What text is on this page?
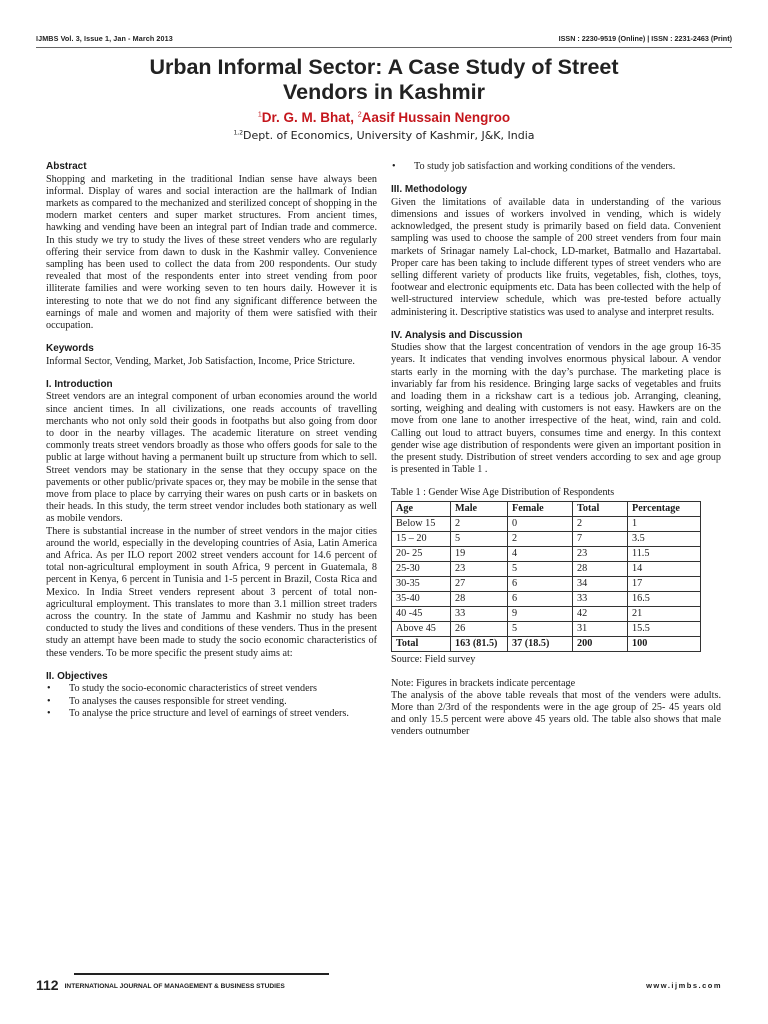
IJMBS Vol. 3, Issue 1, Jan - March 2013	ISSN : 2230-9519 (Online) | ISSN : 2231-2463 (Print)
Urban Informal Sector: A Case Study of Street
Vendors in Kashmir
$^1$Dr. G. M. Bhat, $^2$Aasif Hussain Nengroo
$^{1,2}$Dept. of Economics, University of Kashmir, J&K, India

Abstract

Shopping and marketing in the traditional Indian sense have always been informal. Display of wares and social interaction are the hallmark of Indian markets as compared to the mechanized and sterilized concept of shopping in the modern market centers and super market structures. From ancient times, hawking and vending have been an integral part of Indian trade and commerce. In this study we try to study the lives of these street venders who are regularly offering their service from dawn to dusk in the Kashmir valley. Convenience sampling has been used to collect the data from 200 respondents. Our study revealed that most of the respondents enter into street vending from poor illiterate families and were working seven to ten hours daily. However it is interesting to note that we do not find any significant difference between the earnings of male and women and majority of them were satisfied with their occupation.

Keywords

Informal Sector, Vending, Market, Job Satisfaction, Income, Price Stricture.

I. Introduction

Street vendors are an integral component of urban economies around the world since ancient times. In all civilizations, one reads accounts of travelling merchants who not only sold their goods in footpaths but also going from door to door in the nearby villages. The academic literature on street vending commonly treats street vendors broadly as those who offers goods for sale to the public at large without having a permanent built up structure from which to sell. Street vendors may be stationary in the sense that they occupy space on the pavements or other public/private spaces or, they may be mobile in the sense that move from place to place by carrying their wares on push carts or in baskets on their heads. In this study, the term street vendor includes both stationary as well as mobile vendors.

There is substantial increase in the number of street vendors in the major cities around the world, especially in the developing countries of Asia, Latin America and Africa. As per ILO report 2002 street venders account for 14.6 percent of total non-agricultural employment in south Africa, 9 percent in Guatemala, 8 percent in Kenya, 6 percent in Tunisia and 1-5 percent in Brazil, Costa Rica and Mexico. In India Street venders represent about 3 percent of total non-agricultural employment. This translates to more than 3.1 million street traders across the country. In the state of Jammu and Kashmir no study has been conducted to study the lives and conditions of these venders. Thus in the present study an attempt have been made to study the socio economic characteristics of these venders. To be more specific the present study aims at:

II. Objectives

• To study the socio-economic characteristics of street venders
• To analyses the causes responsible for street vending.
• To analyse the price structure and level of earnings of street venders.
• To study job satisfaction and working conditions of the venders.

III. Methodology

Given the limitations of available data in understanding of the various dimensions and issues of workers involved in vending, which is widely acknowledged, the present study is primarily based on field data. Convenient sampling was used to choose the sample of 200 street venders from four main markets of Srinagar namely Lal-chock, LD-market, Batmallo and Hazartabal. Proper care has been taking to include different types of street venders who are selling different variety of products like fruits, vegetables, fish, clothes, toys, footwear and electronic equipments etc. Data has been collected with the help of well-structured interview schedule, which was pre-tested before actually administering it. Descriptive statistics was used to analyse and interpret results.

IV. Analysis and Discussion

Studies show that the largest concentration of vendors in the age group 16-35 years. It indicates that vending involves enormous physical labour. A vendor starts early in the morning with the day’s purchase. The marketing place is invariably far from his residence. Bringing large sacks of vegetables and fruits and loading them in a rickshaw cart is a tedious job. Arranging, cleaning, sorting, weighing and dealing with customers is not easy. Hawkers are on the move from one lane to another irrespective of the heat, wind, rain and cold. Calling out loud to attract buyers, consumes time and energy. In this context gender wise age distribution of respondents were given an important position in the present study. Distribution of street venders according to sex and age group is presented in Table 1 .

Table 1 : Gender Wise Age Distribution of Respondents

Age	Male	Female	Total	Percentage
Below 15	2	0	2	1
15 – 20	5	2	7	3.5
20- 25	19	4	23	11.5
25-30	23	5	28	14
30-35	27	6	34	17
35-40	28	6	33	16.5
40 -45	33	9	42	21
Above 45	26	5	31	15.5
Total	163 (81.5)	37 (18.5)	200	100

Source: Field survey

Note: Figures in brackets indicate percentage

The analysis of the above table reveals that most of the venders were adults. More than 2/3rd of the respondents were in the age group of 25- 45 years old and only 15.5 percent were above 45 years old. The table also shows that male venders outnumber

112 INTERNATIONAL JOURNAL OF MANAGEMENT & BUSINESS STUDIES	www.ijmbs.com
